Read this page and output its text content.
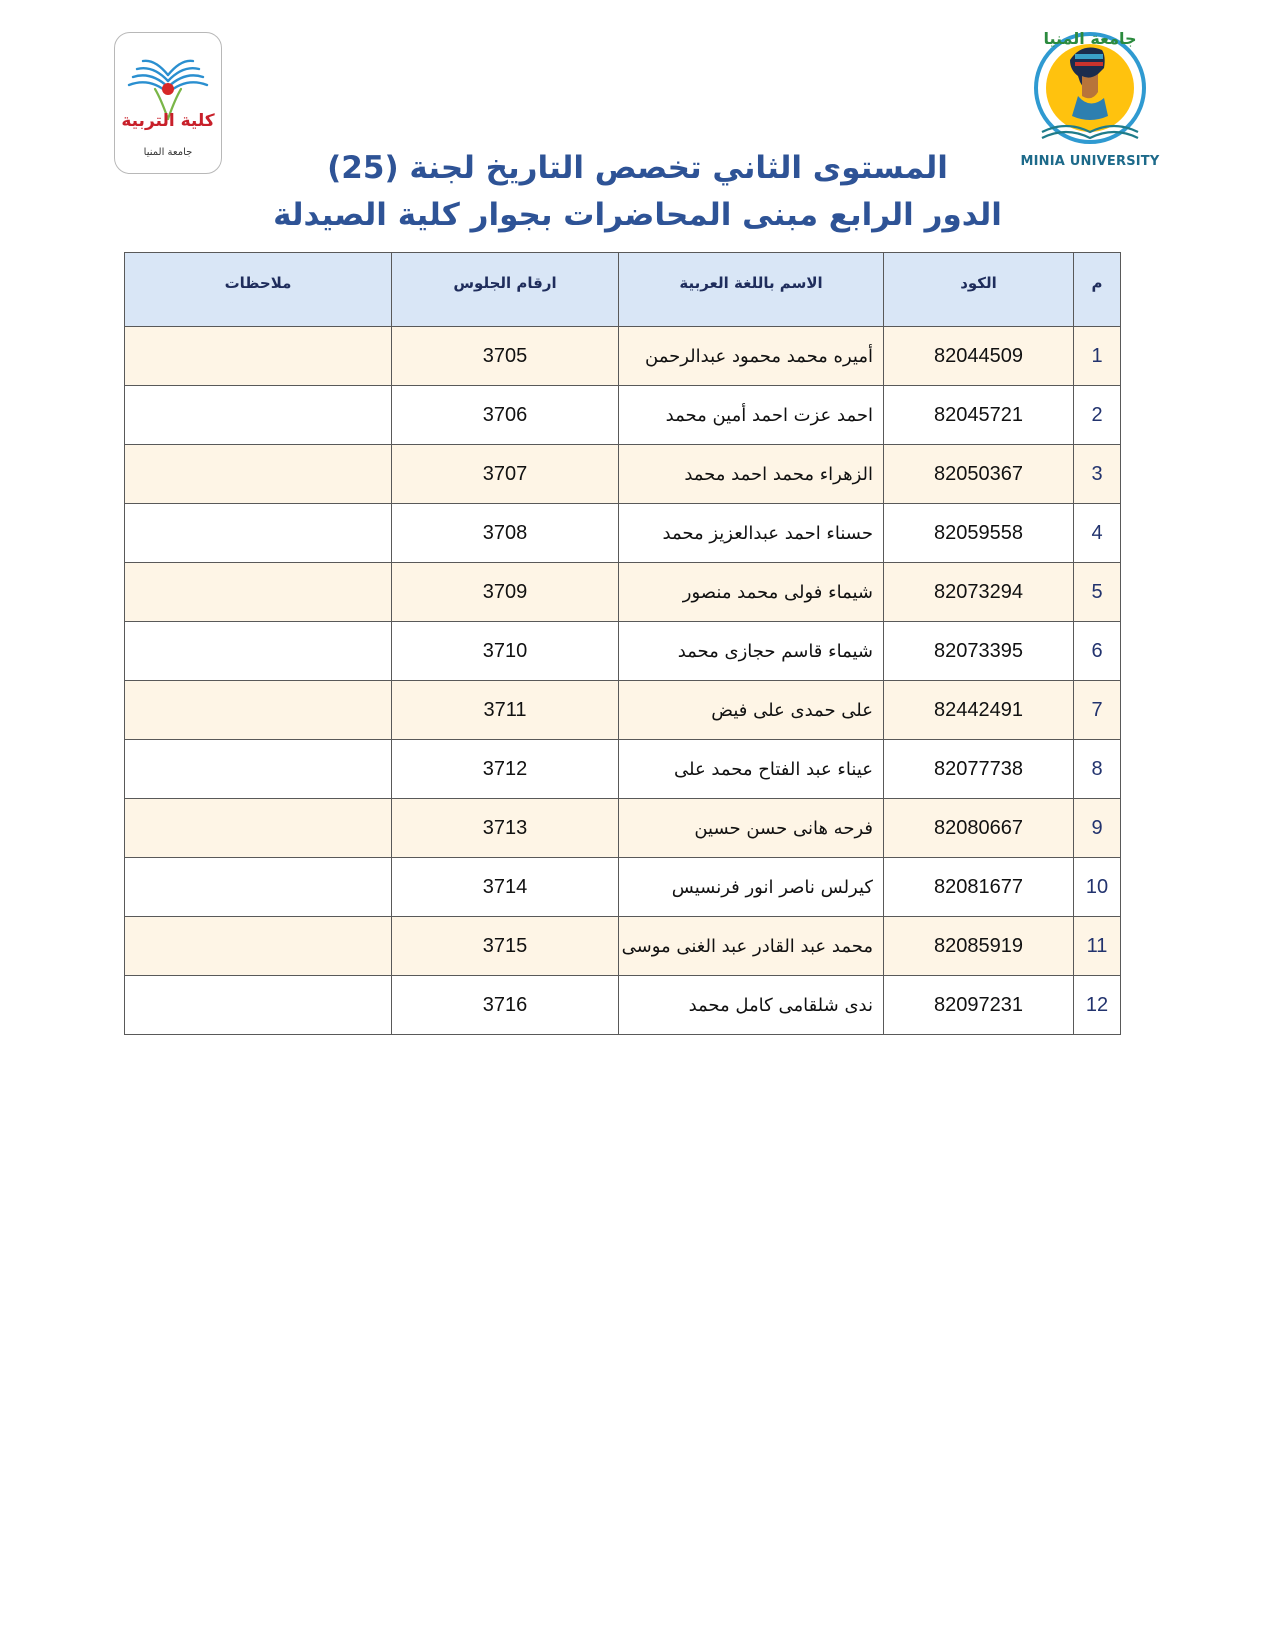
كلية التربية
جامعة المنيا
جامعة المنيا
MINIA UNIVERSITY
المستوى الثاني تخصص التاريخ لجنة (25)
الدور الرابع مبنى المحاضرات بجوار كلية الصيدلة
م	الكود	الاسم باللغة العربية	ارقام الجلوس	ملاحظات
1	82044509	أميره محمد محمود عبدالرحمن	3705	
2	82045721	احمد عزت احمد أمين محمد	3706	
3	82050367	الزهراء محمد احمد محمد	3707	
4	82059558	حسناء احمد عبدالعزيز محمد	3708	
5	82073294	شيماء فولى محمد منصور	3709	
6	82073395	شيماء قاسم حجازى محمد	3710	
7	82442491	على حمدى على فيض	3711	
8	82077738	عيناء عبد الفتاح محمد على	3712	
9	82080667	فرحه هانى حسن حسين	3713	
10	82081677	كيرلس ناصر انور فرنسيس	3714	
11	82085919	محمد عبد القادر عبد الغنى موسى	3715	
12	82097231	ندى شلقامى كامل محمد	3716	
